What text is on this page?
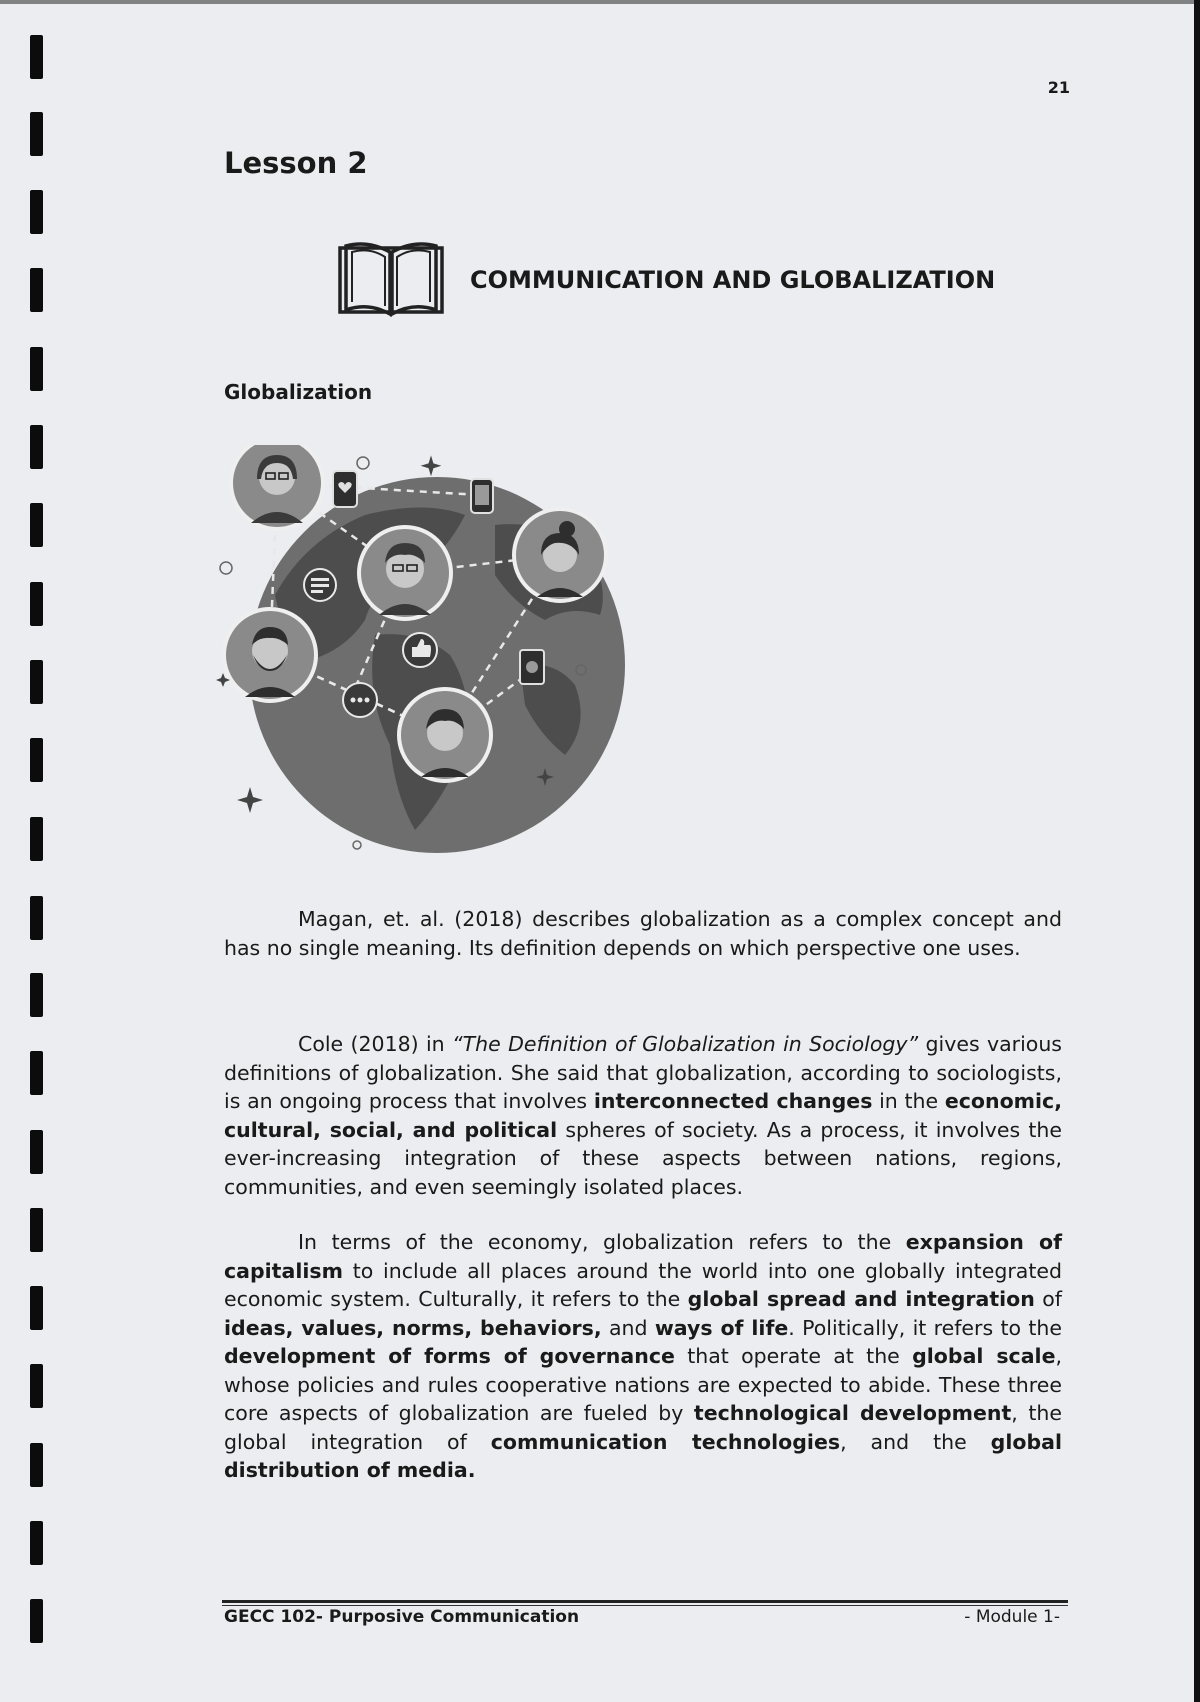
21
Lesson 2
COMMUNICATION AND GLOBALIZATION
Globalization

Magan, et. al. (2018) describes globalization as a complex concept and has no single meaning. Its definition depends on which perspective one uses.

Cole (2018) in “The Definition of Globalization in Sociology” gives various definitions of globalization. She said that globalization, according to sociologists, is an ongoing process that involves interconnected changes in the economic, cultural, social, and political spheres of society. As a process, it involves the ever-increasing integration of these aspects between nations, regions, communities, and even seemingly isolated places.

In terms of the economy, globalization refers to the expansion of capitalism to include all places around the world into one globally integrated economic system. Culturally, it refers to the global spread and integration of ideas, values, norms, behaviors, and ways of life. Politically, it refers to the development of forms of governance that operate at the global scale, whose policies and rules cooperative nations are expected to abide. These three core aspects of globalization are fueled by technological development, the global integration of communication technologies, and the global distribution of media.

GECC 102- Purposive Communication	- Module 1-
